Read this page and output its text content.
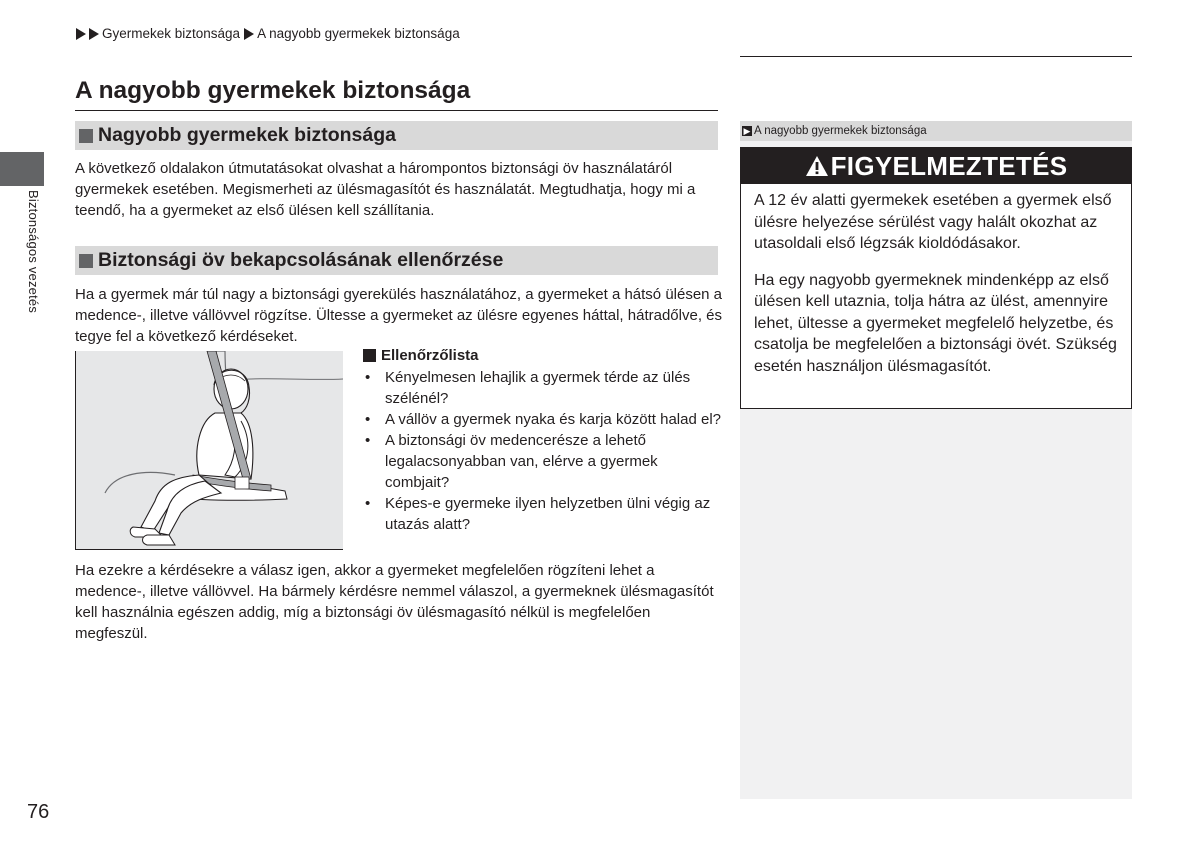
Gyermekek biztonsága A nagyobb gyermekek biztonsága
Biztonságos vezetés
A nagyobb gyermekek biztonsága
Nagyobb gyermekek biztonsága

A következő oldalakon útmutatásokat olvashat a hárompontos biztonsági öv használatáról gyermekek esetében. Megismerheti az ülésmagasítót és használatát. Megtudhatja, hogy mi a teendő, ha a gyermeket az első ülésen kell szállítania.

Biztonsági öv bekapcsolásának ellenőrzése

Ha a gyermek már túl nagy a biztonsági gyerekülés használatához, a gyermeket a hátsó ülésen a medence-, illetve vállövvel rögzítse. Ültesse a gyermeket az ülésre egyenes háttal, hátradőlve, és tegye fel a következő kérdéseket.

Ellenőrzőlista
• Kényelmesen lehajlik a gyermek térde az ülés szélénél?
• A vállöv a gyermek nyaka és karja között halad el?
• A biztonsági öv medencerésze a lehető legalacsonyabban van, elérve a gyermek combjait?
• Képes-e gyermeke ilyen helyzetben ülni végig az utazás alatt?

Ha ezekre a kérdésekre a válasz igen, akkor a gyermeket megfelelően rögzíteni lehet a medence-, illetve vállövvel. Ha bármely kérdésre nemmel válaszol, a gyermeknek ülésmagasítót kell használnia egészen addig, míg a biztonsági öv ülésmagasító nélkül is megfelelően megfeszül.

▶ A nagyobb gyermekek biztonsága
FIGYELMEZTETÉS

A 12 év alatti gyermekek esetében a gyermek első ülésre helyezése sérülést vagy halált okozhat az utasoldali első légzsák kioldódásakor.

Ha egy nagyobb gyermeknek mindenképp az első ülésen kell utaznia, tolja hátra az ülést, amennyire lehet, ültesse a gyermeket megfelelő helyzetbe, és csatolja be megfelelően a biztonsági övét. Szükség esetén használjon ülésmagasítót.

76
